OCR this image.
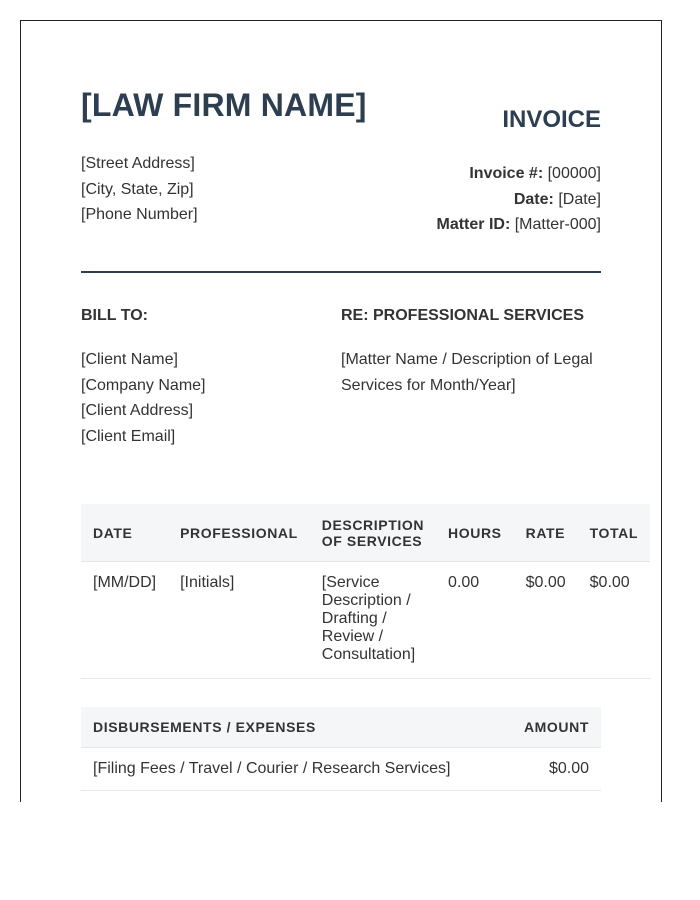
[LAW FIRM NAME]	INVOICE
[Street Address]
[City, State, Zip]
[Phone Number]
Invoice #: [00000]
Date: [Date]
Matter ID: [Matter-000]
BILL TO:	RE: PROFESSIONAL SERVICES
[Client Name]
[Company Name]
[Client Address]
[Client Email]
[Matter Name / Description of Legal Services for Month/Year]
DATE	PROFESSIONAL	DESCRIPTION OF SERVICES	HOURS	RATE	TOTAL
[MM/DD]	[Initials]	[Service Description / Drafting / Review / Consultation]	0.00	$0.00	$0.00
DISBURSEMENTS / EXPENSES	AMOUNT
[Filing Fees / Travel / Courier / Research Services]	$0.00
